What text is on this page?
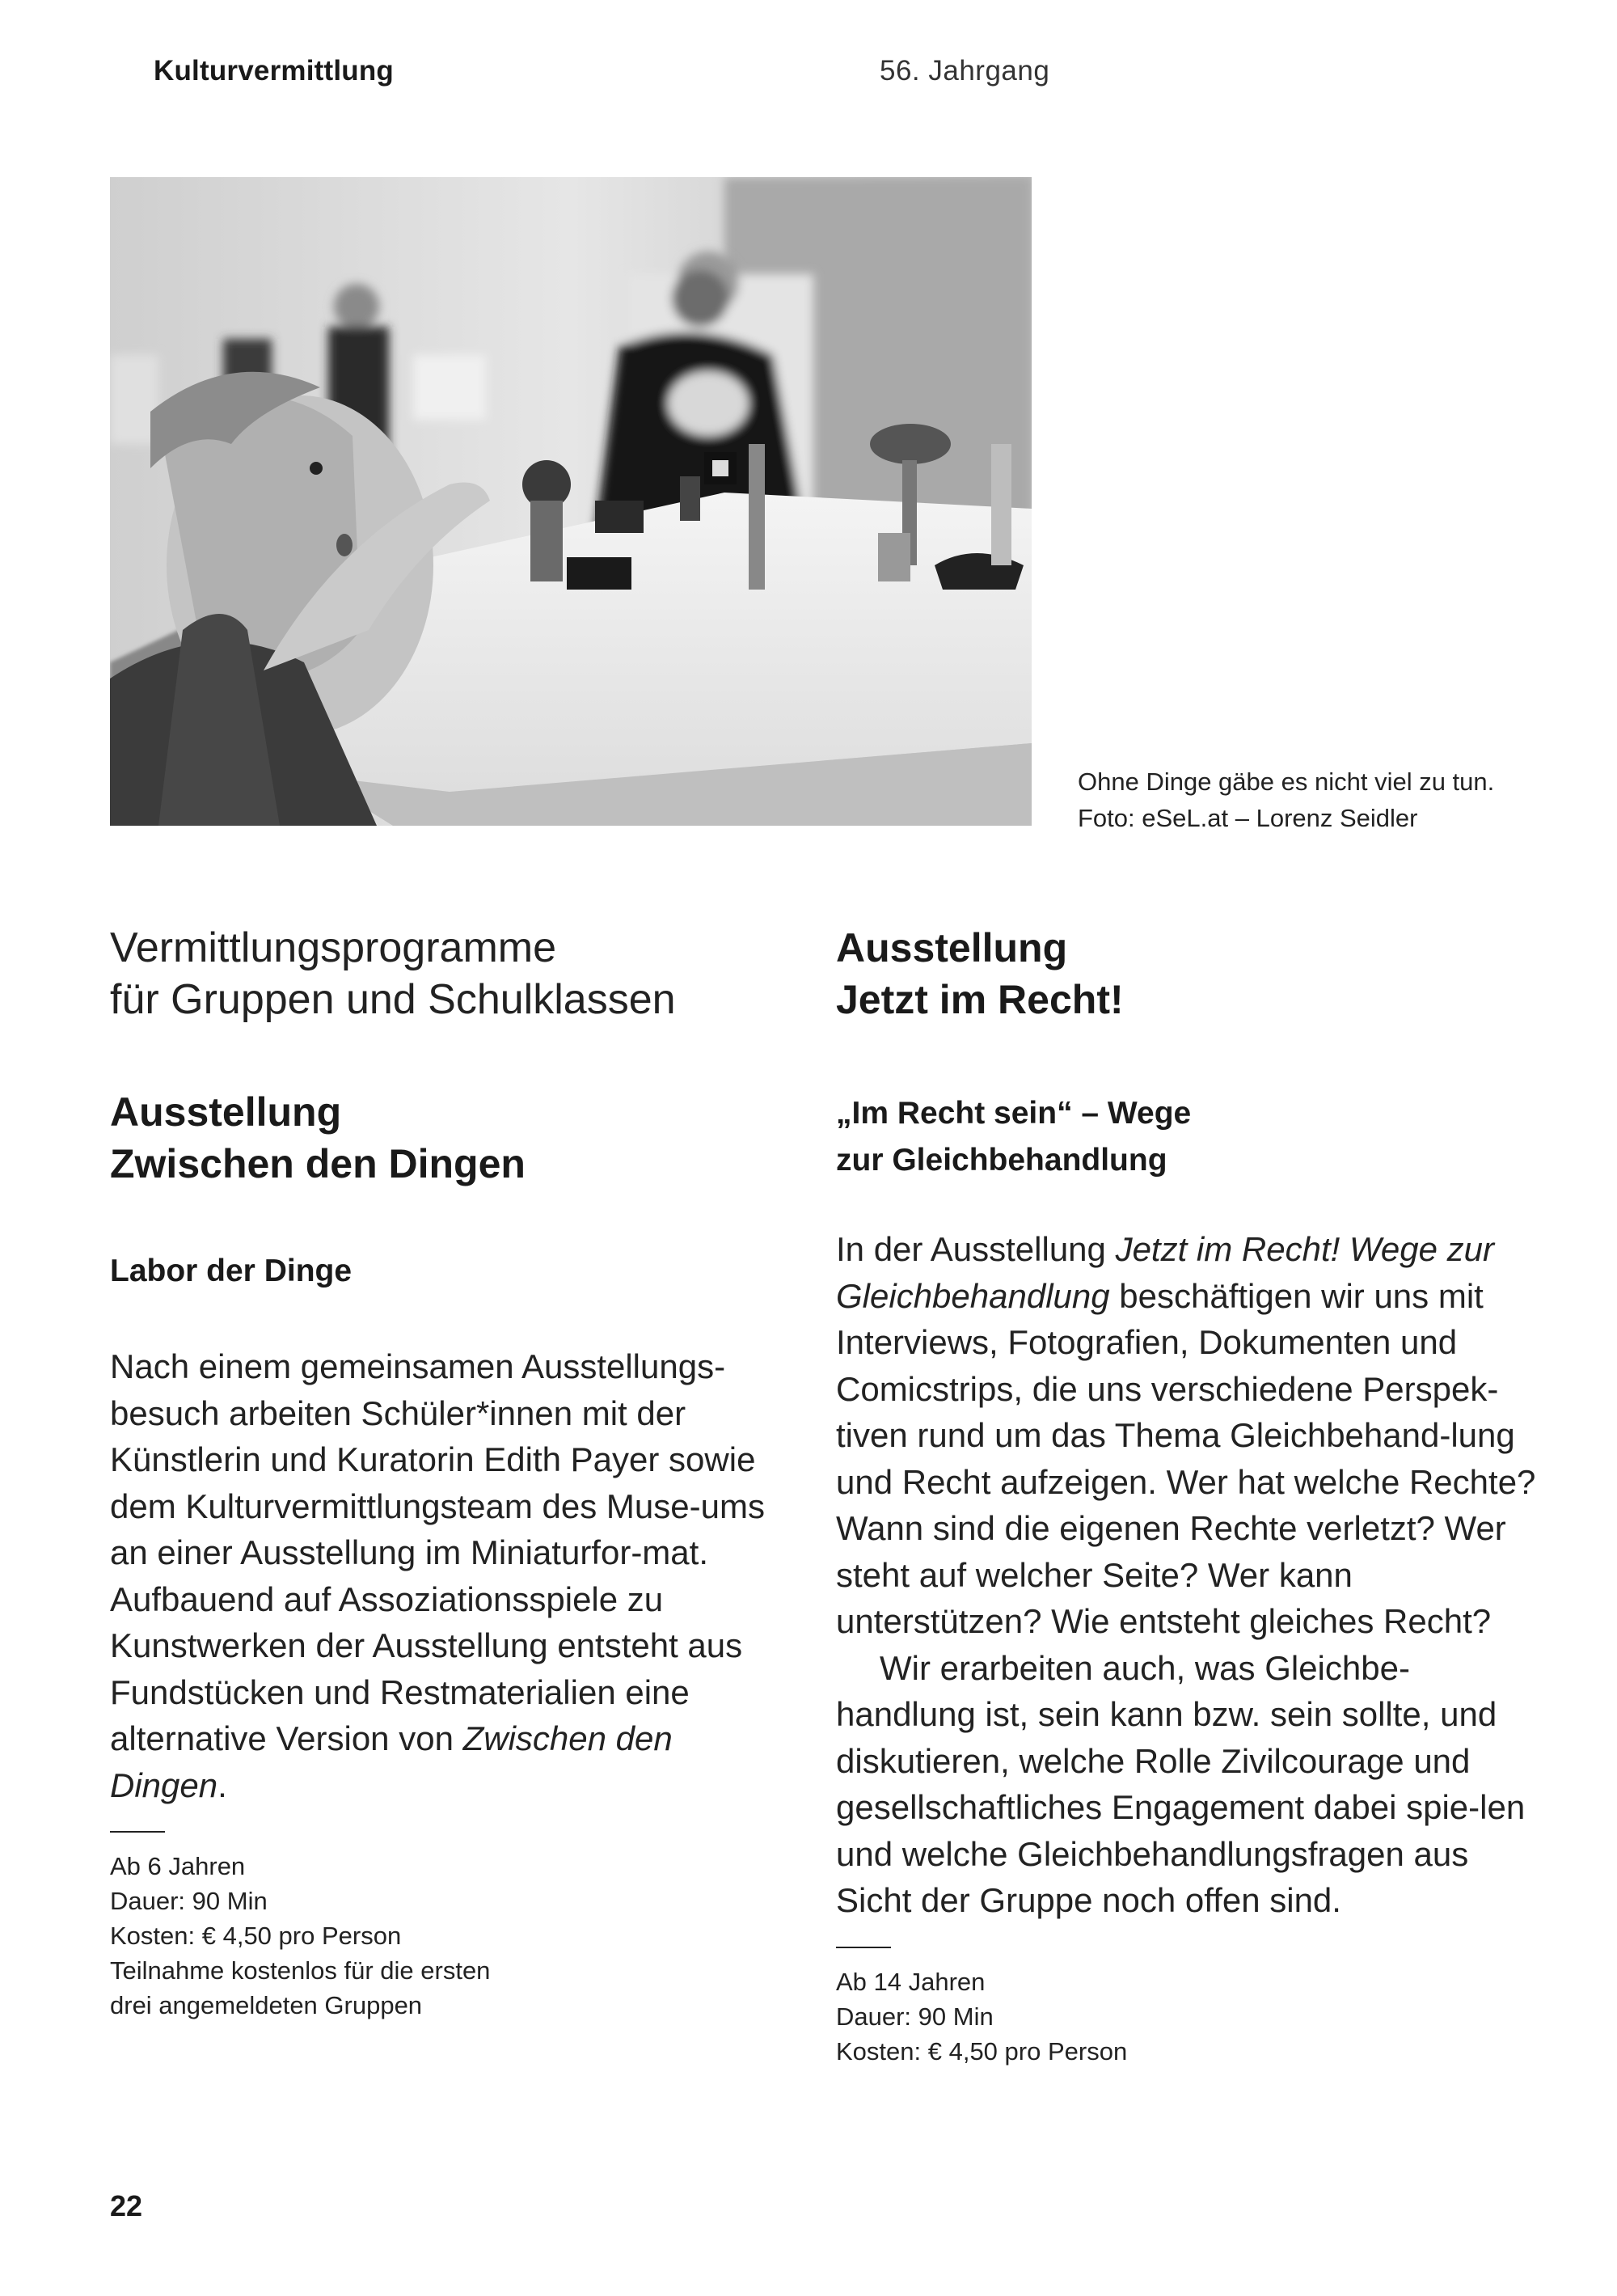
Kulturvermittlung	56. Jahrgang
Ohne Dinge gäbe es nicht viel zu tun.
Foto: eSeL.at – Lorenz Seidler

Vermittlungsprogramme
für Gruppen und Schulklassen

Ausstellung
Zwischen den Dingen

Labor der Dinge

Nach einem gemeinsamen Ausstellungs-besuch arbeiten Schüler*innen mit der Künstlerin und Kuratorin Edith Payer sowie dem Kulturvermittlungsteam des Muse-ums an einer Ausstellung im Miniaturfor-mat. Aufbauend auf Assoziationsspiele zu Kunstwerken der Ausstellung entsteht aus Fundstücken und Restmaterialien eine alternative Version von Zwischen den Dingen.

Ab 6 Jahren
Dauer: 90 Min
Kosten: € 4,50 pro Person
Teilnahme kostenlos für die ersten
drei angemeldeten Gruppen

Ausstellung
Jetzt im Recht!

„Im Recht sein“ – Wege
zur Gleichbehandlung

In der Ausstellung Jetzt im Recht! Wege zur Gleichbehandlung beschäftigen wir uns mit Interviews, Fotografien, Dokumenten und Comicstrips, die uns verschiedene Perspek-tiven rund um das Thema Gleichbehand-lung und Recht aufzeigen. Wer hat welche Rechte? Wann sind die eigenen Rechte verletzt? Wer steht auf welcher Seite? Wer kann unterstützen? Wie entsteht gleiches Recht?

Wir erarbeiten auch, was Gleichbe-handlung ist, sein kann bzw. sein sollte, und diskutieren, welche Rolle Zivilcourage und gesellschaftliches Engagement dabei spie-len und welche Gleichbehandlungsfragen aus Sicht der Gruppe noch offen sind.

Ab 14 Jahren
Dauer: 90 Min
Kosten: € 4,50 pro Person
22
